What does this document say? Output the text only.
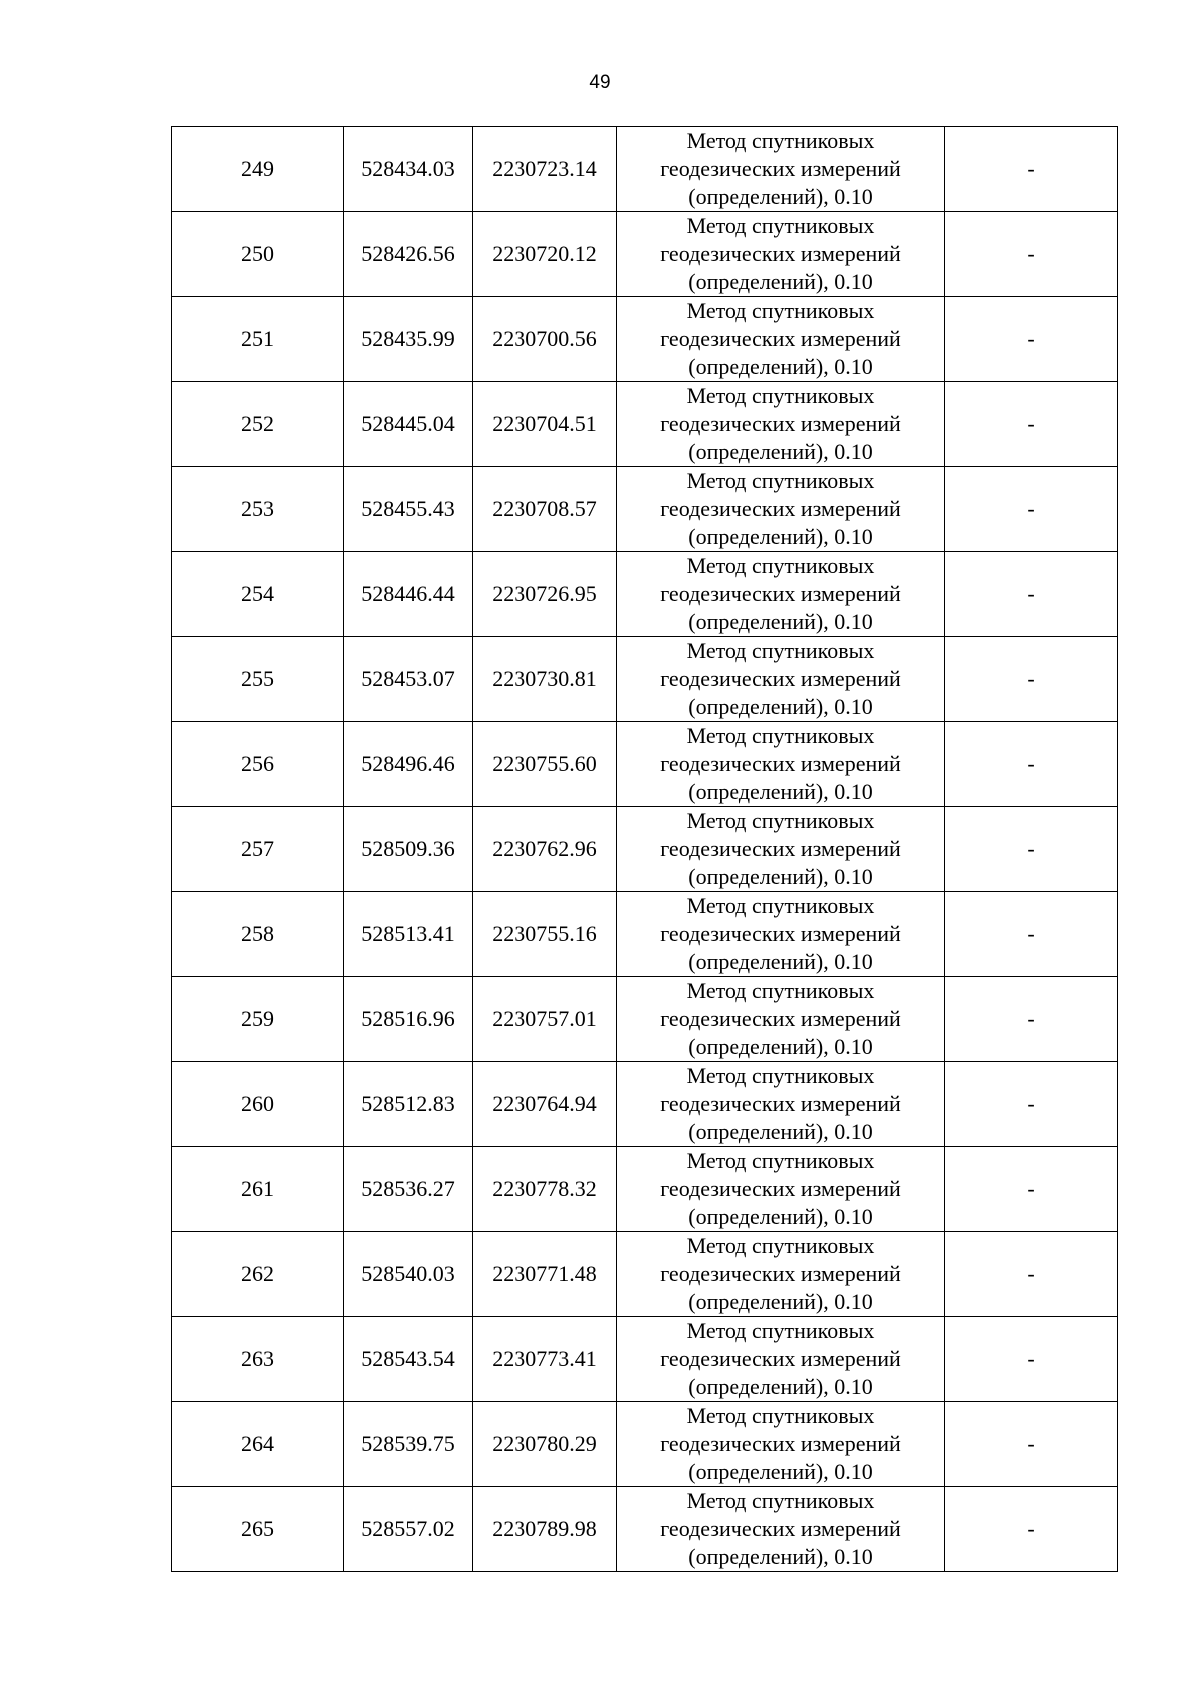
49
249	528434.03	2230723.14	Метод спутниковых
геодезических измерений
(определений), 0.10	-
250	528426.56	2230720.12	Метод спутниковых
геодезических измерений
(определений), 0.10	-
251	528435.99	2230700.56	Метод спутниковых
геодезических измерений
(определений), 0.10	-
252	528445.04	2230704.51	Метод спутниковых
геодезических измерений
(определений), 0.10	-
253	528455.43	2230708.57	Метод спутниковых
геодезических измерений
(определений), 0.10	-
254	528446.44	2230726.95	Метод спутниковых
геодезических измерений
(определений), 0.10	-
255	528453.07	2230730.81	Метод спутниковых
геодезических измерений
(определений), 0.10	-
256	528496.46	2230755.60	Метод спутниковых
геодезических измерений
(определений), 0.10	-
257	528509.36	2230762.96	Метод спутниковых
геодезических измерений
(определений), 0.10	-
258	528513.41	2230755.16	Метод спутниковых
геодезических измерений
(определений), 0.10	-
259	528516.96	2230757.01	Метод спутниковых
геодезических измерений
(определений), 0.10	-
260	528512.83	2230764.94	Метод спутниковых
геодезических измерений
(определений), 0.10	-
261	528536.27	2230778.32	Метод спутниковых
геодезических измерений
(определений), 0.10	-
262	528540.03	2230771.48	Метод спутниковых
геодезических измерений
(определений), 0.10	-
263	528543.54	2230773.41	Метод спутниковых
геодезических измерений
(определений), 0.10	-
264	528539.75	2230780.29	Метод спутниковых
геодезических измерений
(определений), 0.10	-
265	528557.02	2230789.98	Метод спутниковых
геодезических измерений
(определений), 0.10	-
